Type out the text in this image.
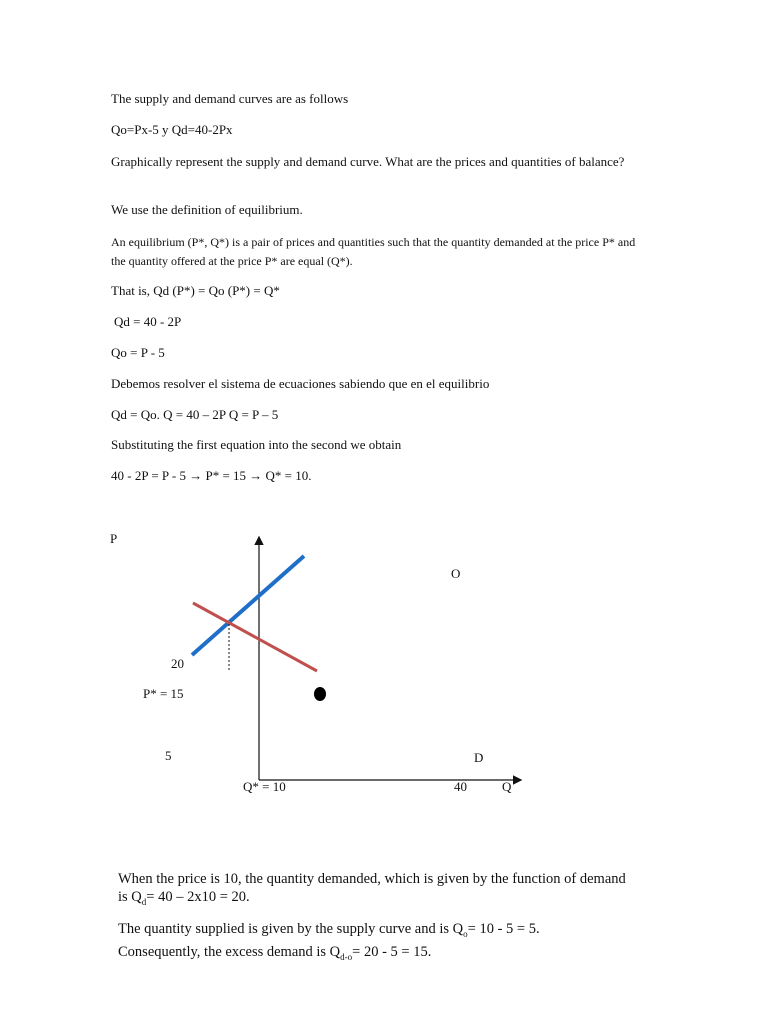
The supply and demand curves are as follows
Qo=Px-5 y Qd=40-2Px
Graphically represent the supply and demand curve. What are the prices and quantities of balance?
We use the definition of equilibrium.
An equilibrium (P*, Q*) is a pair of prices and quantities such that the quantity demanded at the price P* and the quantity offered at the price P* are equal (Q*).
That is, Qd (P*) = Qo (P*) = Q*
Qd = 40 - 2P
Qo = P - 5
Debemos resolver el sistema de ecuaciones sabiendo que en el equilibrio
Qd = Qo. Q = 40 – 2P Q = P – 5
Substituting the first equation into the second we obtain
40 - 2P = P - 5 → P* = 15 → Q* = 10.
P
O
20
P* = 15
5	D
Q* = 10	40	Q

When the price is 10, the quantity demanded, which is given by the function of demand is $Q_d= 40 - 2x10 = 20$.

The quantity supplied is given by the supply curve and is $Q_o= 10 - 5 = 5$.

Consequently, the excess demand is $Q_{d-o}= 20 - 5 = 15$.
